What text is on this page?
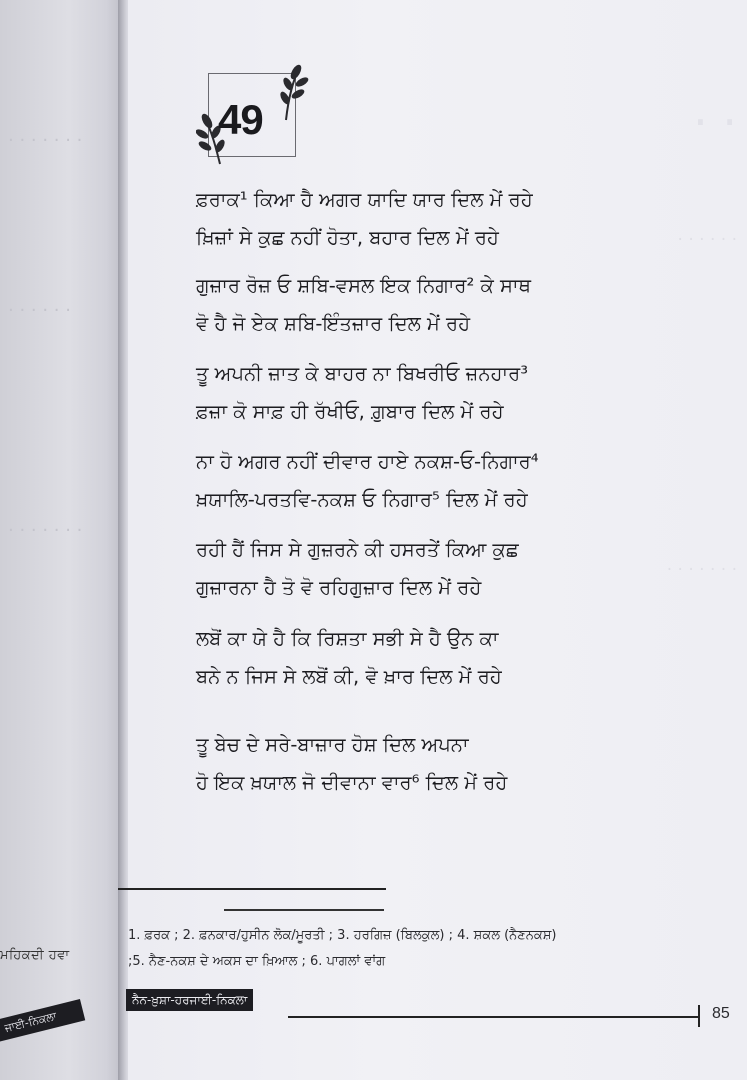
· · · · · · ·
· · · · · ·
· · · · · · ·
ਮਹਿਕਦੀ ਹਵਾ
ਜਾਈ-ਨਿਕਲਾ
· ·
· · · · · ·
· · · · · · ·
49
ਫ਼ਰਾਕ¹ ਕਿਆ ਹੈ ਅਗਰ ਯਾਦਿ ਯਾਰ ਦਿਲ ਮੇਂ ਰਹੇ
ਖ਼ਿਜ਼ਾਂ ਸੇ ਕੁਛ ਨਹੀਂ ਹੋਤਾ, ਬਹਾਰ ਦਿਲ ਮੇਂ ਰਹੇ
ਗੁਜ਼ਾਰ ਰੋਜ਼ ਓ ਸ਼ਬਿ-ਵਸਲ ਇਕ ਨਿਗਾਰ² ਕੇ ਸਾਥ
ਵੋ ਹੈ ਜੋ ਏਕ ਸ਼ਬਿ-ਇੰਤਜ਼ਾਰ ਦਿਲ ਮੇਂ ਰਹੇ
ਤੂ ਅਪਨੀ ਜ਼ਾਤ ਕੇ ਬਾਹਰ ਨਾ ਬਿਖਰੀਓ ਜ਼ਨਹਾਰ³
ਫ਼ਜ਼ਾ ਕੋ ਸਾਫ਼ ਹੀ ਰੱਖੀਓ, ਗ਼ੁਬਾਰ ਦਿਲ ਮੇਂ ਰਹੇ
ਨਾ ਹੋ ਅਗਰ ਨਹੀਂ ਦੀਵਾਰ ਹਾਏ ਨਕਸ਼-ਓ-ਨਿਗਾਰ⁴
ਖ਼ਯਾਲਿ-ਪਰਤਵਿ-ਨਕਸ਼ ਓ ਨਿਗਾਰ⁵ ਦਿਲ ਮੇਂ ਰਹੇ
ਰਹੀ ਹੈਂ ਜਿਸ ਸੇ ਗੁਜ਼ਰਨੇ ਕੀ ਹਸਰਤੇਂ ਕਿਆ ਕੁਛ
ਗੁਜ਼ਾਰਨਾ ਹੈ ਤੋ ਵੋ ਰਹਿਗੁਜ਼ਾਰ ਦਿਲ ਮੇਂ ਰਹੇ
ਲਬੋਂ ਕਾ ਯੇ ਹੈ ਕਿ ਰਿਸ਼ਤਾ ਸਭੀ ਸੇ ਹੈ ਉਨ ਕਾ
ਬਨੇ ਨ ਜਿਸ ਸੇ ਲਬੋਂ ਕੀ, ਵੋ ਖ਼ਾਰ ਦਿਲ ਮੇਂ ਰਹੇ
ਤੂ ਬੇਚ ਦੇ ਸਰੇ-ਬਾਜ਼ਾਰ ਹੋਸ਼ ਦਿਲ ਅਪਨਾ
ਹੋ ਇਕ ਖ਼ਯਾਲ ਜੋ ਦੀਵਾਨਾ ਵਾਰ⁶ ਦਿਲ ਮੇਂ ਰਹੇ
1. ਫ਼ਰਕ ; 2. ਫ਼ਨਕਾਰ/ਹੁਸੀਨ ਲੋਕ/ਮੂਰਤੀ ; 3. ਹਰਗਿਜ਼ (ਬਿਲਕੁਲ) ; 4. ਸ਼ਕਲ (ਨੈਣਨਕਸ਼)
;5. ਨੈਣ-ਨਕਸ਼ ਦੇ ਅਕਸ ਦਾ ਖ਼ਿਆਲ ; 6. ਪਾਗਲਾਂ ਵਾਂਗ
ਨੈਨ-ਖ਼ੁਸ਼ਾ-ਹਰਜਾਈ-ਨਿਕਲਾ
85
